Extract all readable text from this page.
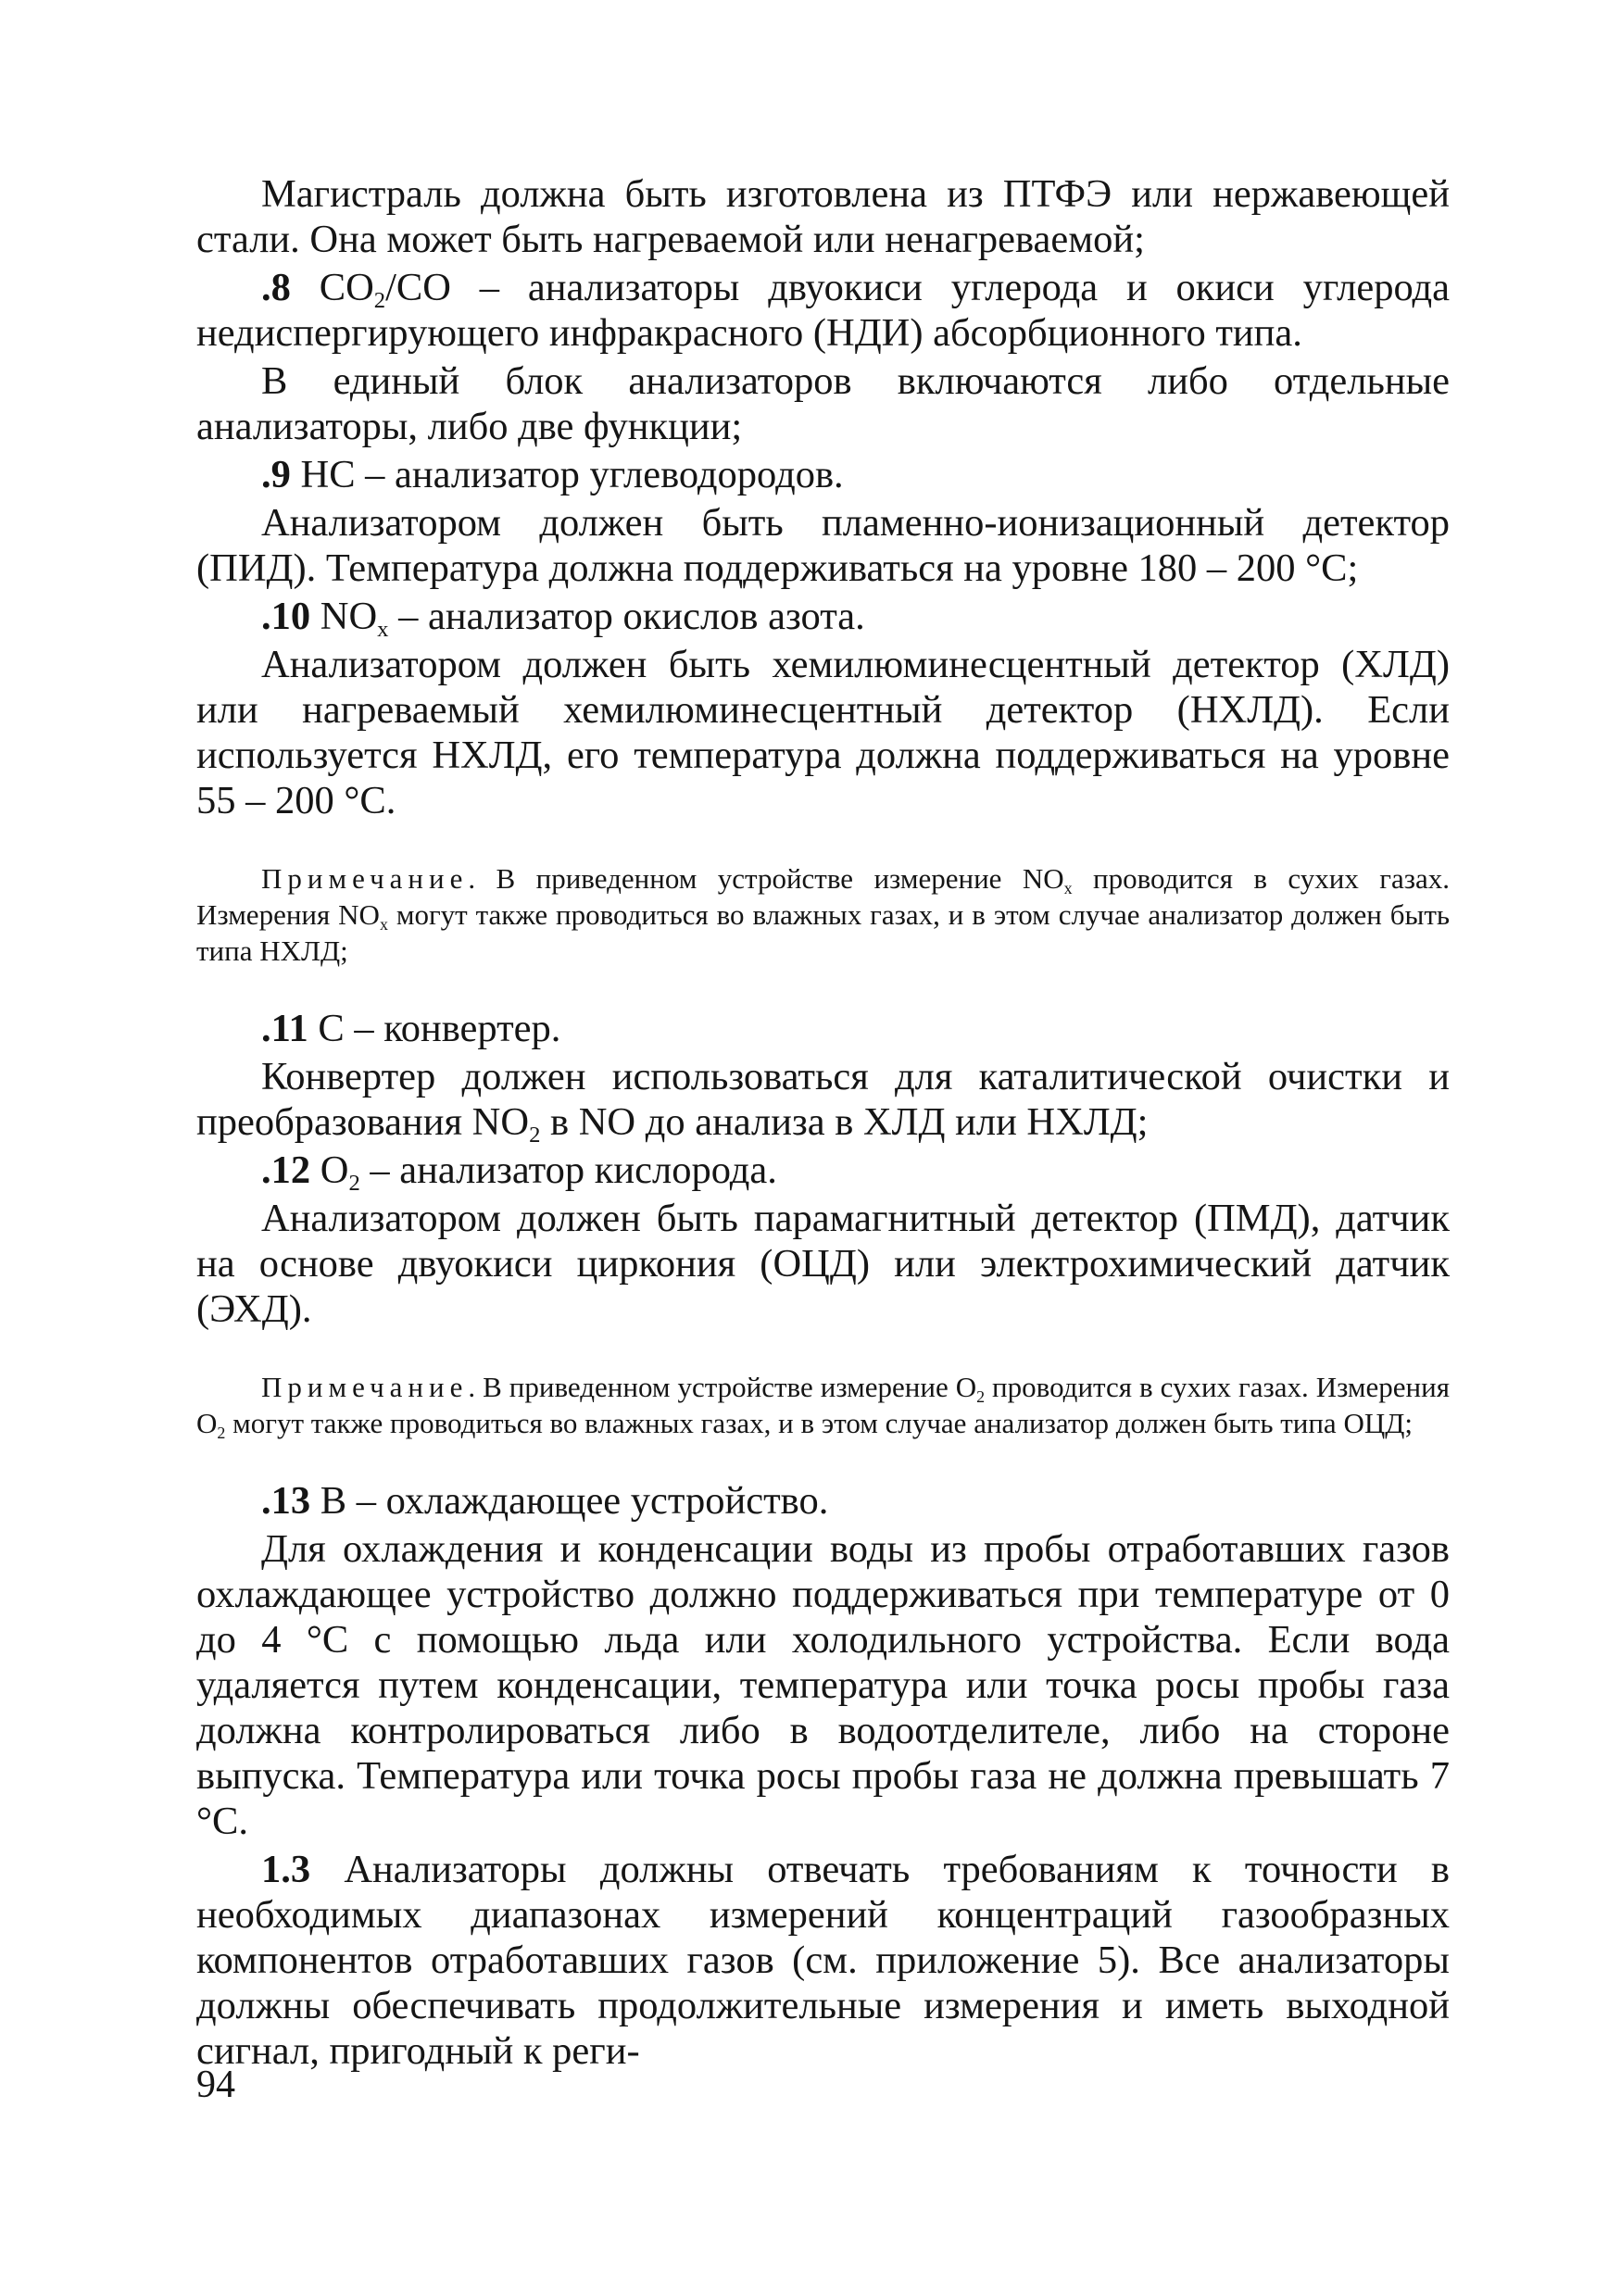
Магистраль должна быть изготовлена из ПТФЭ или нержавеющей стали. Она может быть нагреваемой или ненагреваемой;

.8 $CO_2/CO$ – анализаторы двуокиси углерода и окиси углерода недиспергирующего инфракрасного (НДИ) абсорбционного типа.

В единый блок анализаторов включаются либо отдельные анализаторы, либо две функции;

.9 HC – анализатор углеводородов.

Анализатором должен быть пламенно-ионизационный детектор (ПИД). Температура должна поддерживаться на уровне 180 – 200 °C;

.10 $NO_x$ – анализатор окислов азота.

Анализатором должен быть хемилюминесцентный детектор (ХЛД) или нагреваемый хемилюминесцентный детектор (НХЛД). Если используется НХЛД, его температура должна поддерживаться на уровне 55 – 200 °C.

Примечание. В приведенном устройстве измерение $NO_x$ проводится в сухих газах. Измерения $NO_x$ могут также проводиться во влажных газах, и в этом случае анализатор должен быть типа НХЛД;

.11 C – конвертер.

Конвертер должен использоваться для каталитической очистки и преобразования $NO_2$ в NO до анализа в ХЛД или НХЛД;

.12 $O_2$ – анализатор кислорода.

Анализатором должен быть парамагнитный детектор (ПМД), датчик на основе двуокиси циркония (ОЦД) или электрохимический датчик (ЭХД).

Примечание. В приведенном устройстве измерение $O_2$ проводится в сухих газах. Измерения $O_2$ могут также проводиться во влажных газах, и в этом случае анализатор должен быть типа ОЦД;

.13 B – охлаждающее устройство.

Для охлаждения и конденсации воды из пробы отработавших газов охлаждающее устройство должно поддерживаться при температуре от 0 до 4 °C с помощью льда или холодильного устройства. Если вода удаляется путем конденсации, температура или точка росы пробы газа должна контролироваться либо в водоотделителе, либо на стороне выпуска. Температура или точка росы пробы газа не должна превышать 7 °C.

1.3 Анализаторы должны отвечать требованиям к точности в необходимых диапазонах измерений концентраций газообразных компонентов отработавших газов (см. приложение 5). Все анализаторы должны обеспечивать продолжительные измерения и иметь выходной сигнал, пригодный к реги-

94
